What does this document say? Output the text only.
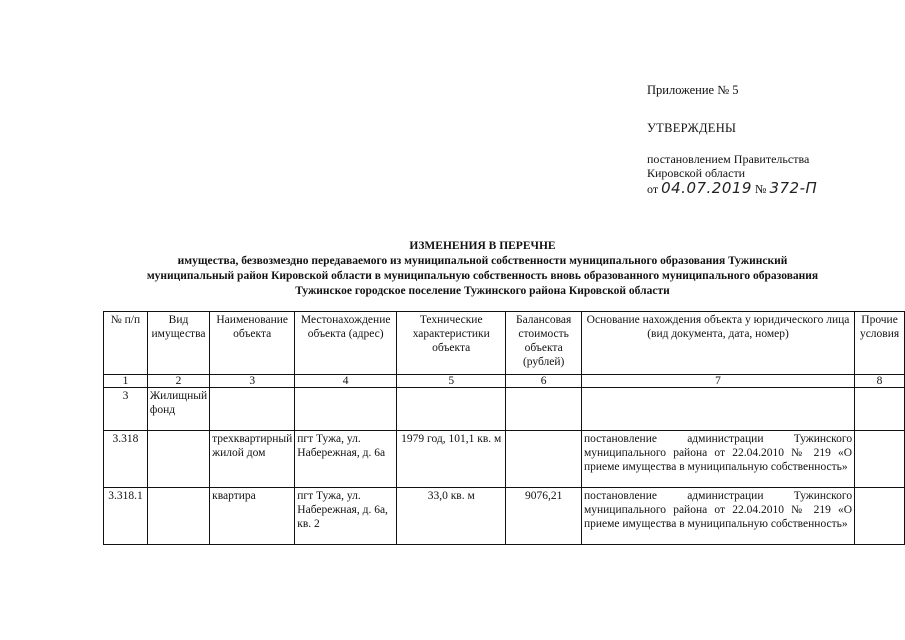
Приложение № 5
УТВЕРЖДЕНЫ
постановлением Правительства
Кировской области
от 04.07.2019 № 372-П
ИЗМЕНЕНИЯ В ПЕРЕЧНЕ
имущества, безвозмездно передаваемого из муниципальной собственности муниципального образования Тужинский
муниципальный район Кировской области в муниципальную собственность вновь образованного муниципального образования
Тужинское городское поселение Тужинского района Кировской области
№ п/п	Вид имущества	Наименование объекта	Местонахождение объекта (адрес)	Технические характеристики объекта	Балансовая стоимость объекта (рублей)	Основание нахождения объекта у юридического лица (вид документа, дата, номер)	Прочие условия
1	2	3	4	5	6	7	8
3	Жилищный фонд						
3.318		трехквартирный жилой дом	пгт Тужа, ул. Набережная, д. 6а	1979 год, 101,1 кв. м		постановление администрации Тужинского муниципального района от 22.04.2010 № 219 «О приеме имущества в муниципальную собственность»	
3.318.1		квартира	пгт Тужа, ул. Набережная, д. 6а, кв. 2	33,0 кв. м	9076,21	постановление администрации Тужинского муниципального района от 22.04.2010 № 219 «О приеме имущества в муниципальную собственность»	
